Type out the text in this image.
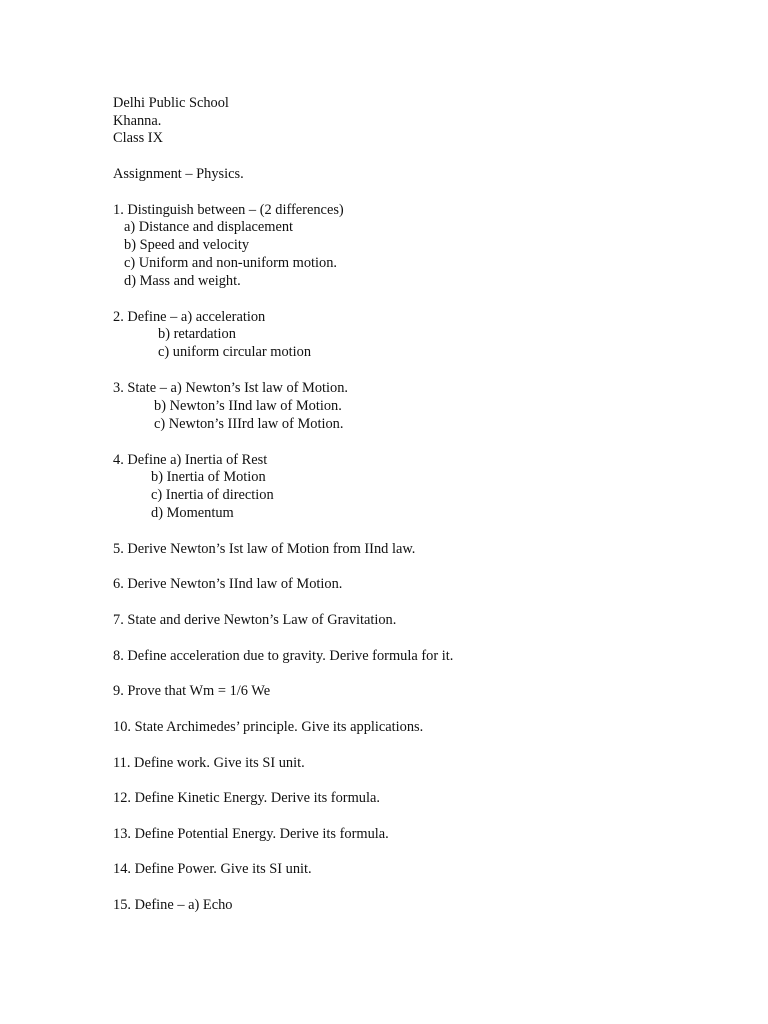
Delhi Public School

Khanna.

Class IX

Assignment – Physics.

1. Distinguish between – (2 differences)

a) Distance and displacement

b) Speed and velocity

c) Uniform and non-uniform motion.

d) Mass and weight.

2. Define – a) acceleration

b) retardation

c) uniform circular motion

3. State – a) Newton’s Ist law of Motion.

b) Newton’s IInd law of Motion.

c) Newton’s IIIrd law of Motion.

4. Define a) Inertia of Rest

b) Inertia of Motion

c) Inertia of direction

d) Momentum

5. Derive Newton’s Ist law of Motion from IInd law.

6. Derive Newton’s IInd law of Motion.

7. State and derive Newton’s Law of Gravitation.

8. Define acceleration due to gravity. Derive formula for it.

9. Prove that Wm = 1/6 We

10. State Archimedes’ principle. Give its applications.

11. Define work. Give its SI unit.

12. Define Kinetic Energy. Derive its formula.

13. Define Potential Energy. Derive its formula.

14. Define Power. Give its SI unit.

15. Define – a) Echo
